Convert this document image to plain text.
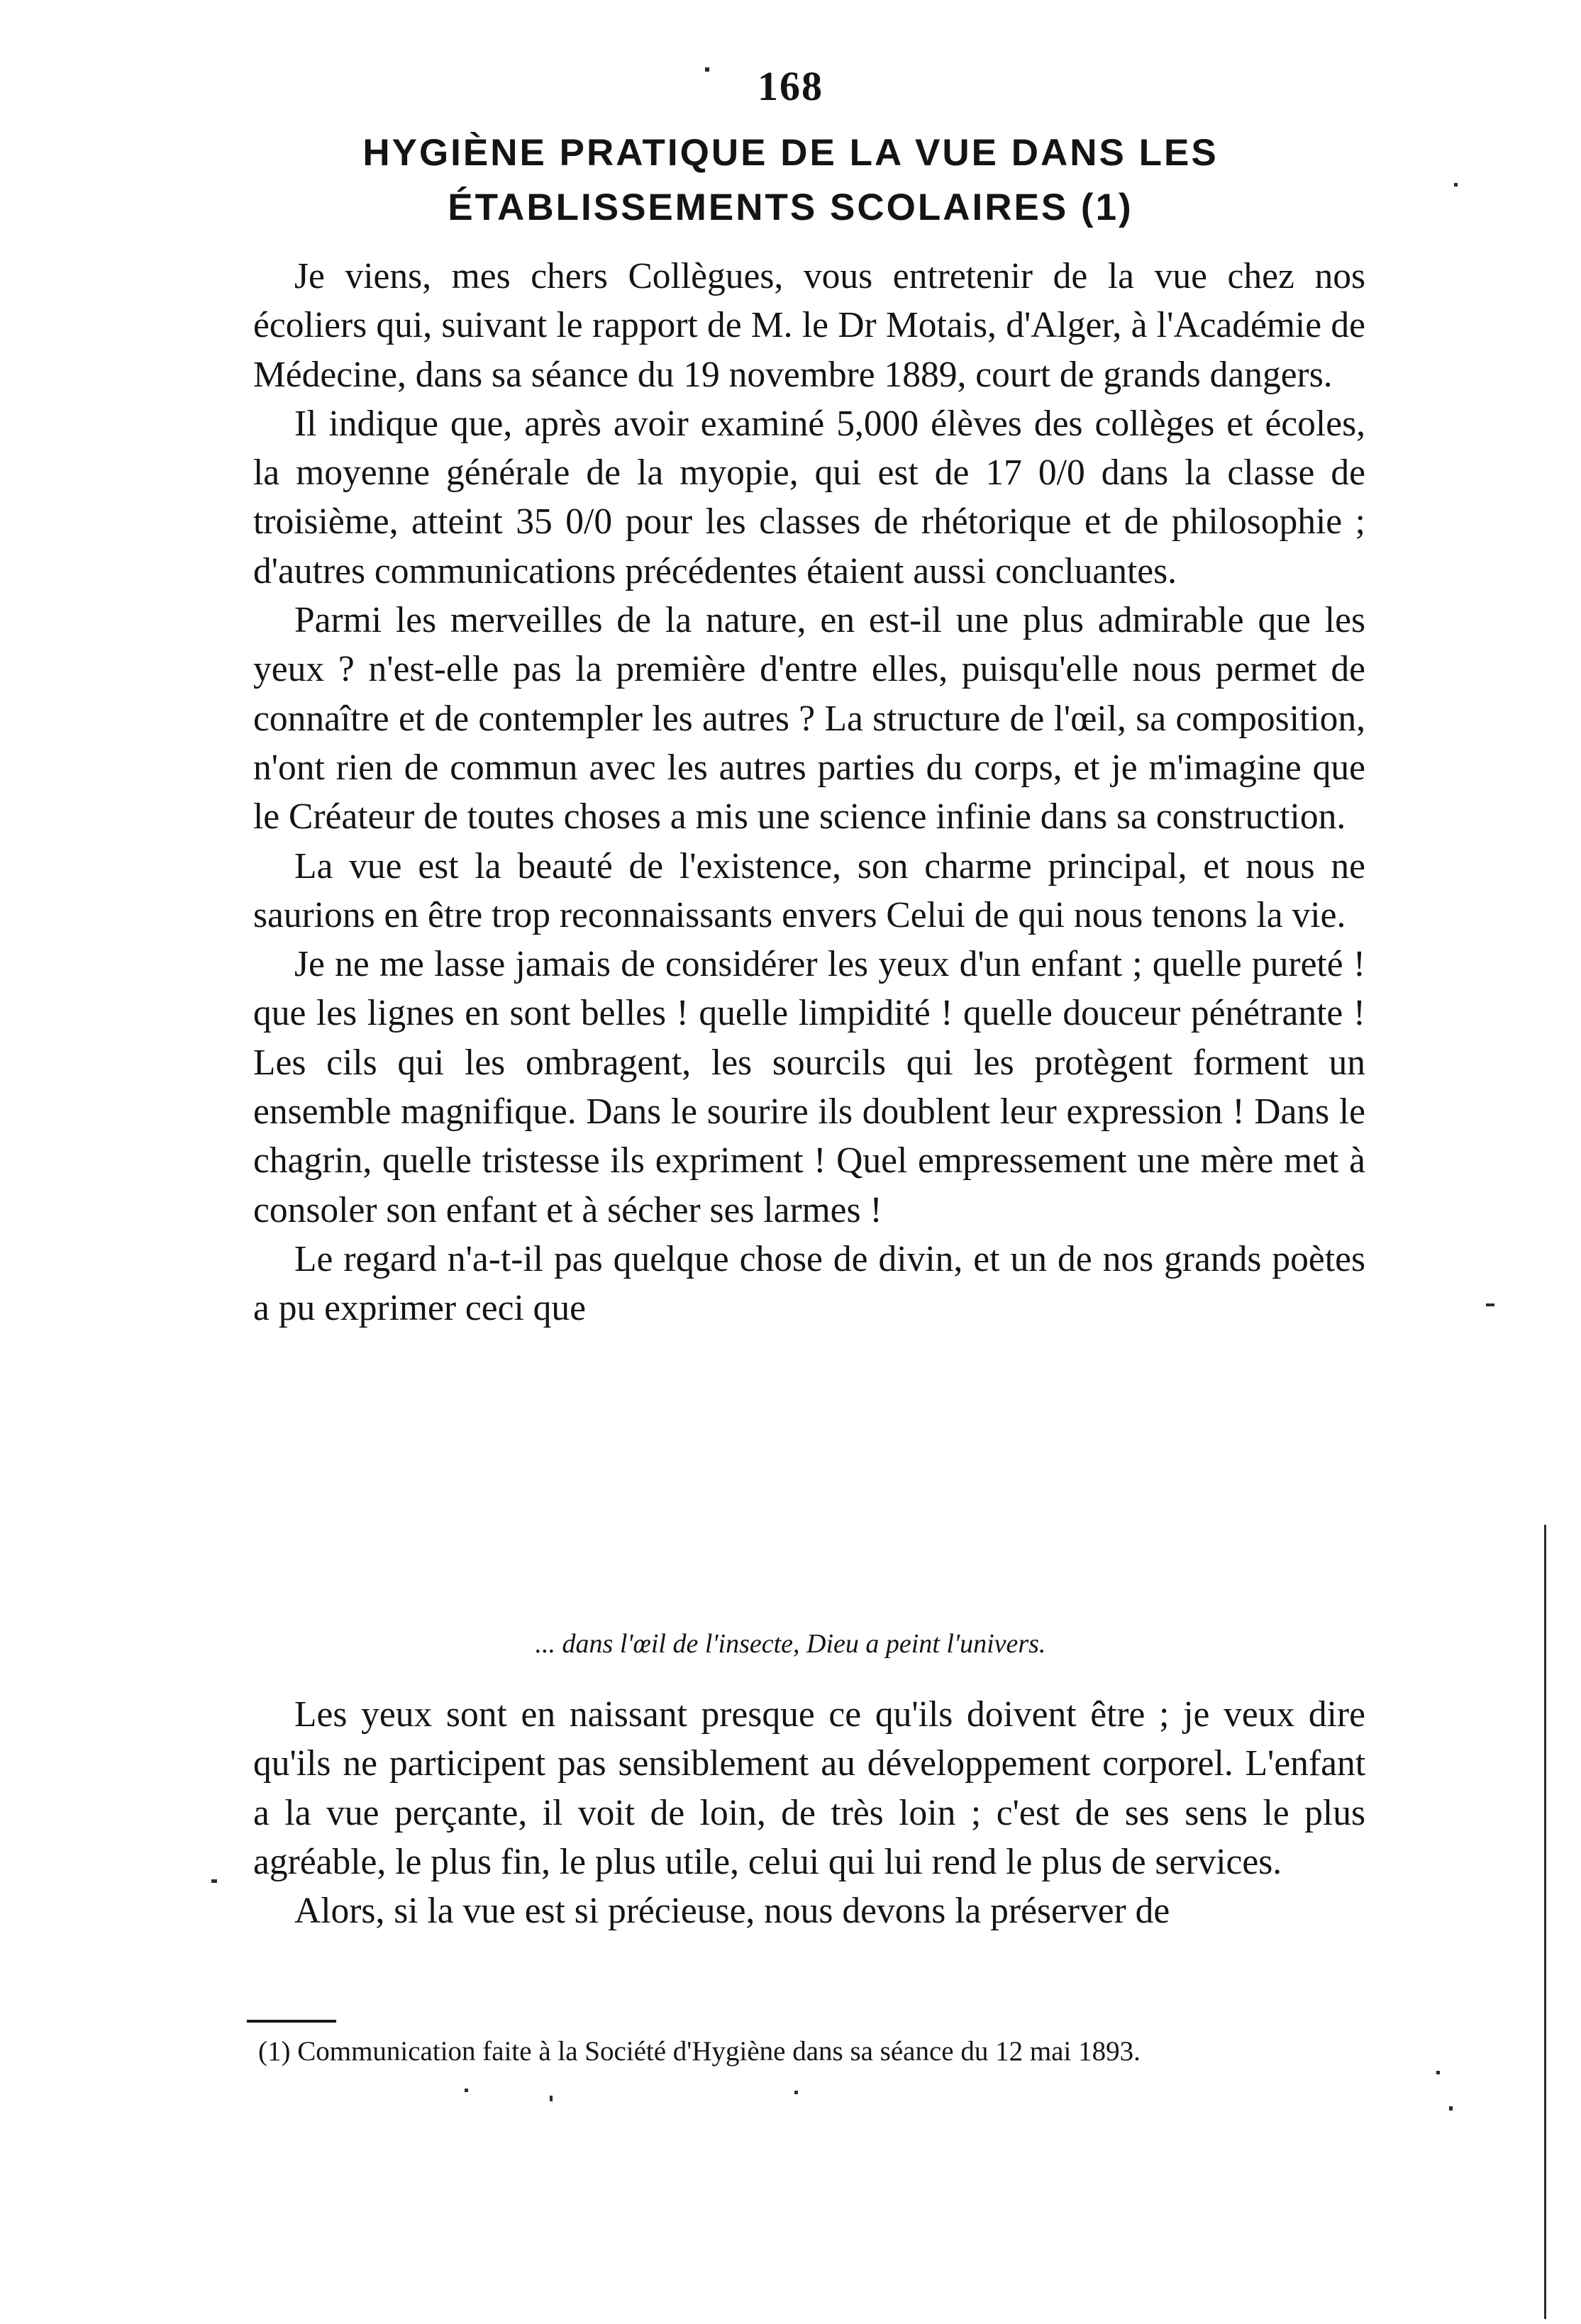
168
HYGIÈNE PRATIQUE DE LA VUE DANS LES
ÉTABLISSEMENTS SCOLAIRES (1)

Je viens, mes chers Collègues, vous entretenir de la vue chez nos écoliers qui, suivant le rapport de M. le Dr Motais, d'Alger, à l'Académie de Médecine, dans sa séance du 19 novembre 1889, court de grands dangers.

Il indique que, après avoir examiné 5,000 élèves des collèges et écoles, la moyenne générale de la myopie, qui est de 17 0/0 dans la classe de troisième, atteint 35 0/0 pour les classes de rhétorique et de philosophie ; d'autres communications précédentes étaient aussi concluantes.

Parmi les merveilles de la nature, en est-il une plus admirable que les yeux ? n'est-elle pas la première d'entre elles, puisqu'elle nous permet de connaître et de contempler les autres ? La structure de l'œil, sa composition, n'ont rien de commun avec les autres parties du corps, et je m'imagine que le Créateur de toutes choses a mis une science infinie dans sa construction.

La vue est la beauté de l'existence, son charme principal, et nous ne saurions en être trop reconnaissants envers Celui de qui nous tenons la vie.

Je ne me lasse jamais de considérer les yeux d'un enfant ; quelle pureté ! que les lignes en sont belles ! quelle limpidité ! quelle douceur pénétrante ! Les cils qui les ombragent, les sourcils qui les protègent forment un ensemble magnifique. Dans le sourire ils doublent leur expression ! Dans le chagrin, quelle tristesse ils expriment ! Quel empressement une mère met à consoler son enfant et à sécher ses larmes !

Le regard n'a-t-il pas quelque chose de divin, et un de nos grands poètes a pu exprimer ceci que

... dans l'œil de l'insecte, Dieu a peint l'univers.

Les yeux sont en naissant presque ce qu'ils doivent être ; je veux dire qu'ils ne participent pas sensiblement au développement corporel. L'enfant a la vue perçante, il voit de loin, de très loin ; c'est de ses sens le plus agréable, le plus fin, le plus utile, celui qui lui rend le plus de services.

Alors, si la vue est si précieuse, nous devons la préserver de

(1) Communication faite à la Société d'Hygiène dans sa séance du 12 mai 1893.
